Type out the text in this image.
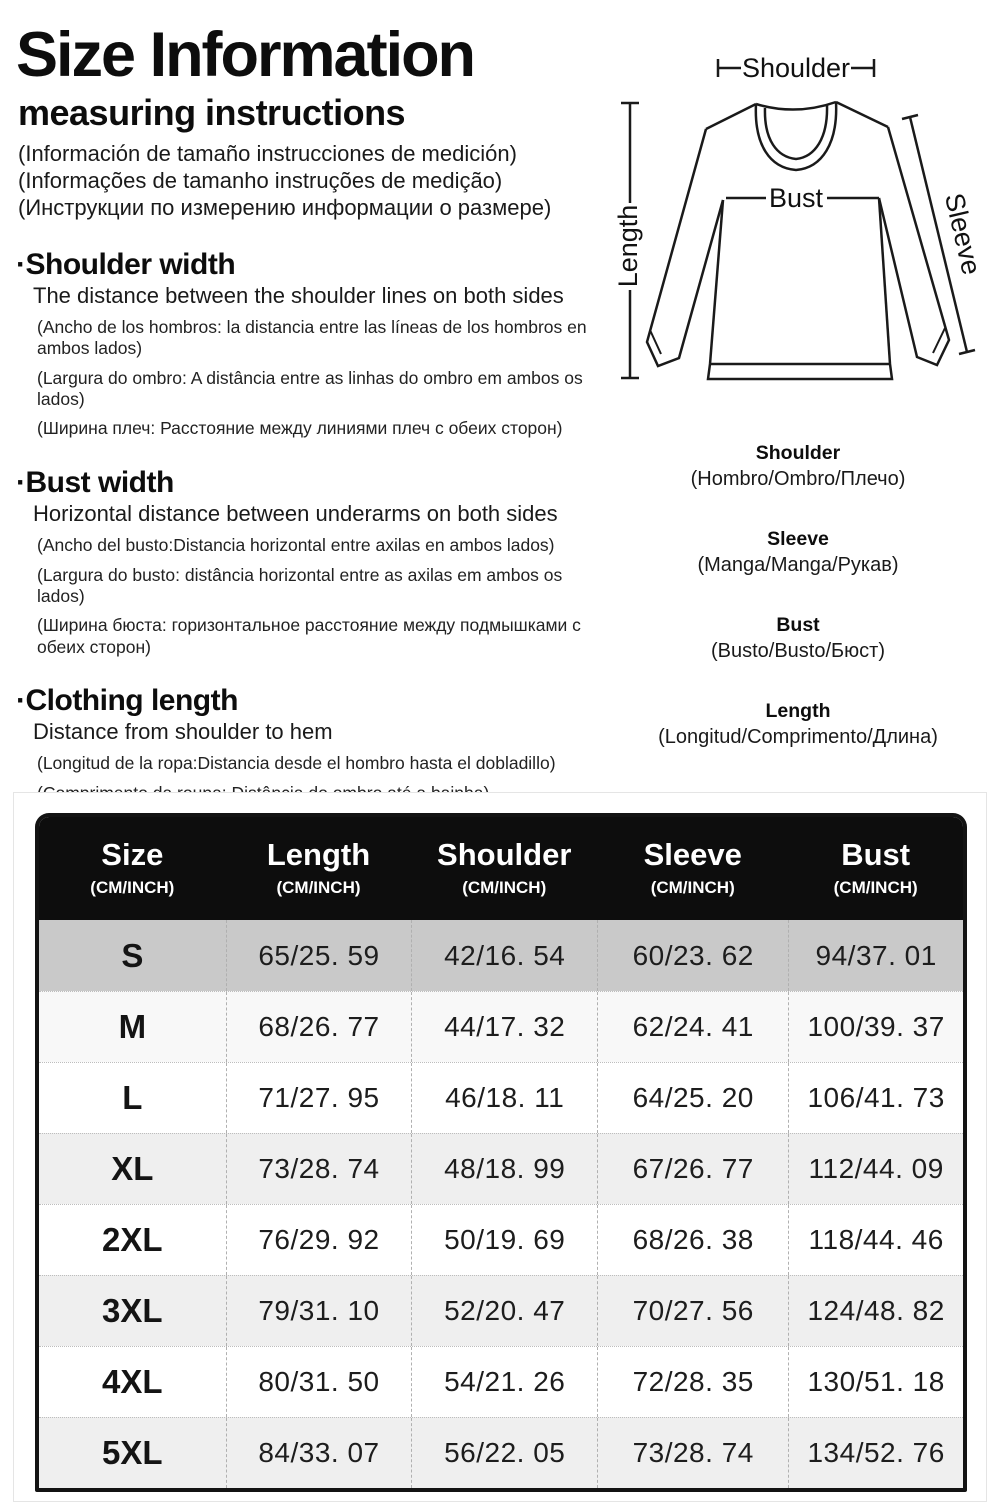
Size Information
measuring instructions
(Información de tamaño instrucciones de medición)
(Informações de tamanho instruções de medição)
(Инструкции по измерению информации о размере)
·Shoulder width
The distance between the shoulder lines on both sides
(Ancho de los hombros: la distancia entre las líneas de los hombros en ambos lados)
(Largura do ombro: A distância entre as linhas do ombro em ambos os lados)
(Ширина плеч: Расстояние между линиями плеч с обеих сторон)
·Bust width
Horizontal distance between underarms on both sides
(Ancho del busto:Distancia horizontal entre axilas en ambos lados)
(Largura do busto: distância horizontal entre as axilas em ambos os lados)
(Ширина бюста: горизонтальное расстояние между подмышками с обеих сторон)
·Clothing length
Distance from shoulder to hem
(Longitud de la ropa:Distancia desde el hombro hasta el dobladillo)
Shoulder
Length
Bust	Sleeve
Shoulder
(Hombro/Ombro/Плечо)
Sleeve
(Manga/Manga/Рукав)
Bust
(Busto/Busto/Бюст)
Length
(Longitud/Comprimento/Длина)
Size
(CM/INCH)
Length
(CM/INCH)
Shoulder
(CM/INCH)
Sleeve
(CM/INCH)
Bust
(CM/INCH)
S	65/25. 59	42/16. 54	60/23. 62	94/37. 01
M	68/26. 77	44/17. 32	62/24. 41	100/39. 37
L	71/27. 95	46/18. 11	64/25. 20	106/41. 73
XL	73/28. 74	48/18. 99	67/26. 77	112/44. 09
2XL	76/29. 92	50/19. 69	68/26. 38	118/44. 46
3XL	79/31. 10	52/20. 47	70/27. 56	124/48. 82
4XL	80/31. 50	54/21. 26	72/28. 35	130/51. 18
5XL	84/33. 07	56/22. 05	73/28. 74	134/52. 76
